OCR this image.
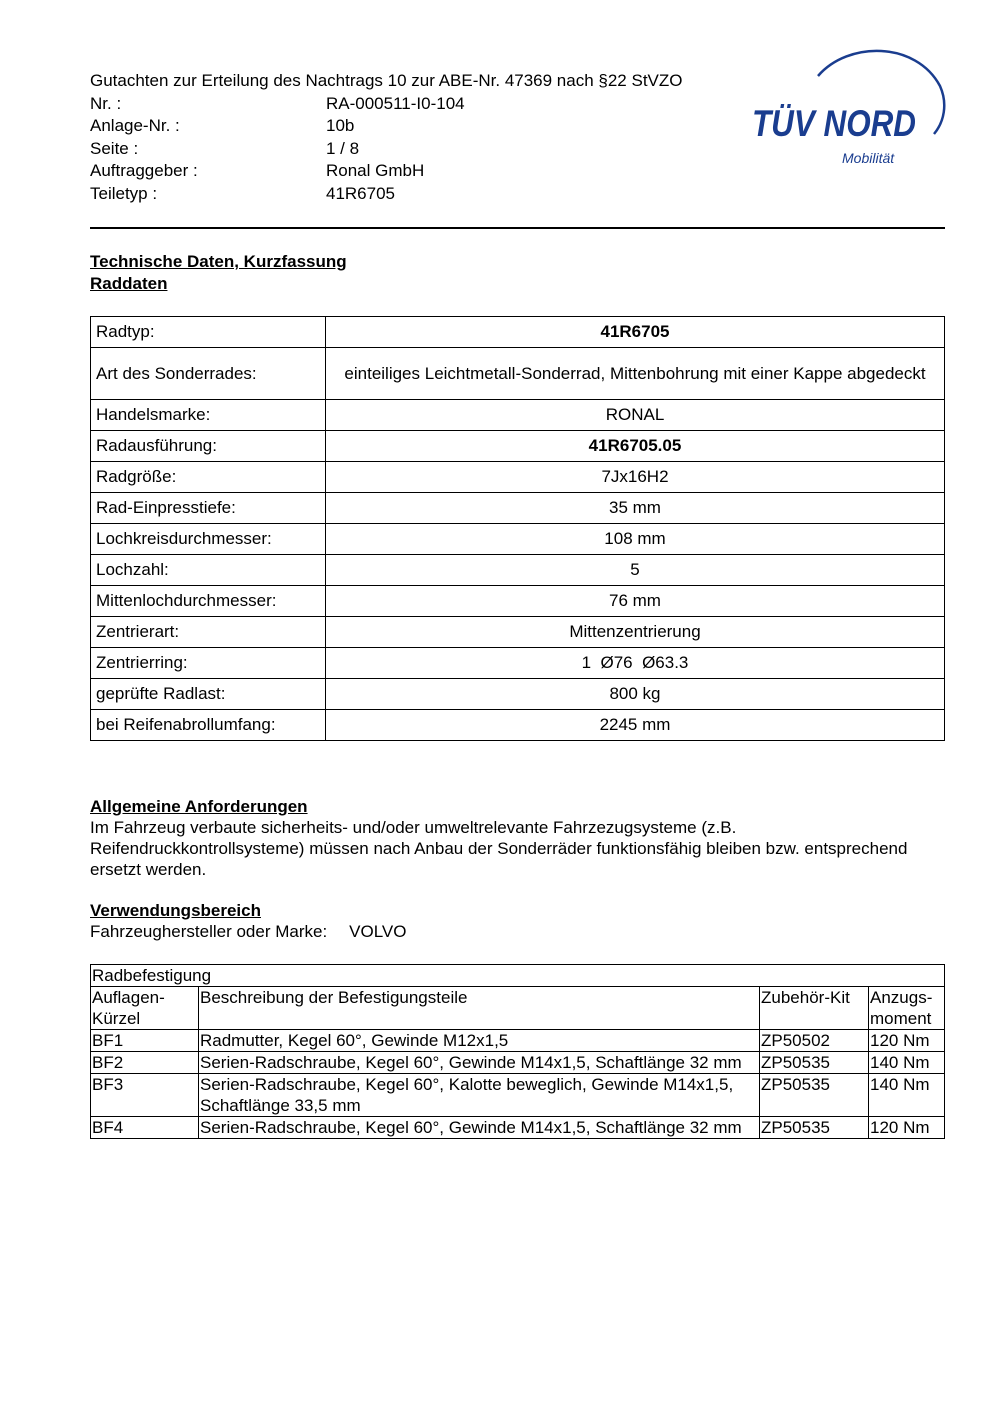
Gutachten zur Erteilung des Nachtrags 10 zur ABE-Nr. 47369 nach §22 StVZO
Nr. :	RA-000511-I0-104
Anlage-Nr. :	10b
Seite :	1 / 8
Auftraggeber :	Ronal GmbH
Teiletyp :	41R6705
TÜV NORD
Mobilität
Technische Daten, Kurzfassung
Raddaten
Radtyp:	41R6705
Art des Sonderrades:	einteiliges Leichtmetall-Sonderrad, Mittenbohrung mit einer Kappe abgedeckt
Handelsmarke:	RONAL
Radausführung:	41R6705.05
Radgröße:	7Jx16H2
Rad-Einpresstiefe:	35 mm
Lochkreisdurchmesser:	108 mm
Lochzahl:	5
Mittenlochdurchmesser:	76 mm
Zentrierart:	Mittenzentrierung
Zentrierring:	1  Ø76  Ø63.3
geprüfte Radlast:	800 kg
bei Reifenabrollumfang:	2245 mm
Allgemeine Anforderungen
Im Fahrzeug verbaute sicherheits- und/oder umweltrelevante Fahrzezugsysteme (z.B. Reifendruckkontrollsysteme) müssen nach Anbau der Sonderräder funktionsfähig bleiben bzw. entsprechend ersetzt werden.
Verwendungsbereich
Fahrzeughersteller oder Marke: VOLVO
Radbefestigung			
Auflagen-
Kürzel	Beschreibung der Befestigungsteile	Zubehör-Kit	Anzugs-
moment
BF1	Radmutter, Kegel 60°, Gewinde M12x1,5	ZP50502	120 Nm
BF2	Serien-Radschraube, Kegel 60°, Gewinde M14x1,5, Schaftlänge 32 mm	ZP50535	140 Nm
BF3	Serien-Radschraube, Kegel 60°, Kalotte beweglich, Gewinde M14x1,5, Schaftlänge 33,5 mm	ZP50535	140 Nm
BF4	Serien-Radschraube, Kegel 60°, Gewinde M14x1,5, Schaftlänge 32 mm	ZP50535	120 Nm
